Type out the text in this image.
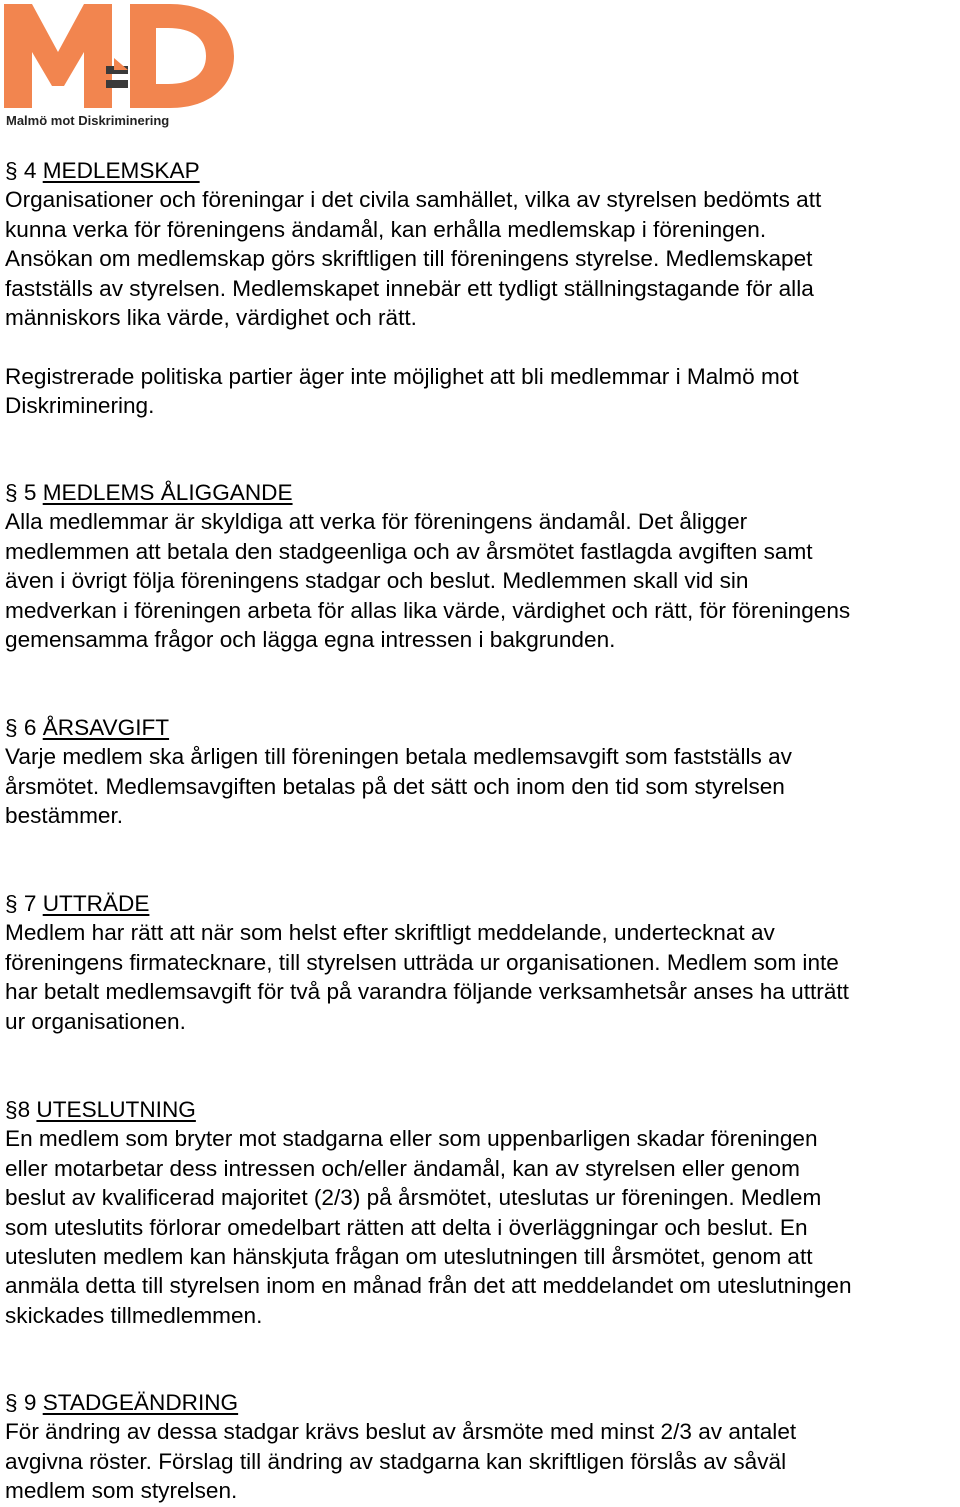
Malmö mot Diskriminering
§ 4 MEDLEMSKAP
Organisationer och föreningar i det civila samhället, vilka av styrelsen bedömts att
kunna verka för föreningens ändamål, kan erhålla medlemskap i föreningen.
Ansökan om medlemskap görs skriftligen till föreningens styrelse. Medlemskapet
fastställs av styrelsen. Medlemskapet innebär ett tydligt ställningstagande för alla
människors lika värde, värdighet och rätt.
Registrerade politiska partier äger inte möjlighet att bli medlemmar i Malmö mot
Diskriminering.
§ 5 MEDLEMS ÅLIGGANDE
Alla medlemmar är skyldiga att verka för föreningens ändamål. Det åligger
medlemmen att betala den stadgeenliga och av årsmötet fastlagda avgiften samt
även i övrigt följa föreningens stadgar och beslut. Medlemmen skall vid sin
medverkan i föreningen arbeta för allas lika värde, värdighet och rätt, för föreningens
gemensamma frågor och lägga egna intressen i bakgrunden.
§ 6 ÅRSAVGIFT
Varje medlem ska årligen till föreningen betala medlemsavgift som fastställs av
årsmötet. Medlemsavgiften betalas på det sätt och inom den tid som styrelsen
bestämmer.
§ 7 UTTRÄDE
Medlem har rätt att när som helst efter skriftligt meddelande, undertecknat av
föreningens firmatecknare, till styrelsen utträda ur organisationen. Medlem som inte
har betalt medlemsavgift för två på varandra följande verksamhetsår anses ha utträtt
ur organisationen.
§8 UTESLUTNING
En medlem som bryter mot stadgarna eller som uppenbarligen skadar föreningen
eller motarbetar dess intressen och/eller ändamål, kan av styrelsen eller genom
beslut av kvalificerad majoritet (2/3) på årsmötet, uteslutas ur föreningen. Medlem
som uteslutits förlorar omedelbart rätten att delta i överläggningar och beslut. En
utesluten medlem kan hänskjuta frågan om uteslutningen till årsmötet, genom att
anmäla detta till styrelsen inom en månad från det att meddelandet om uteslutningen
skickades tillmedlemmen.
§ 9 STADGEÄNDRING
För ändring av dessa stadgar krävs beslut av årsmöte med minst 2/3 av antalet
avgivna röster. Förslag till ändring av stadgarna kan skriftligen förslås av såväl
medlem som styrelsen.
